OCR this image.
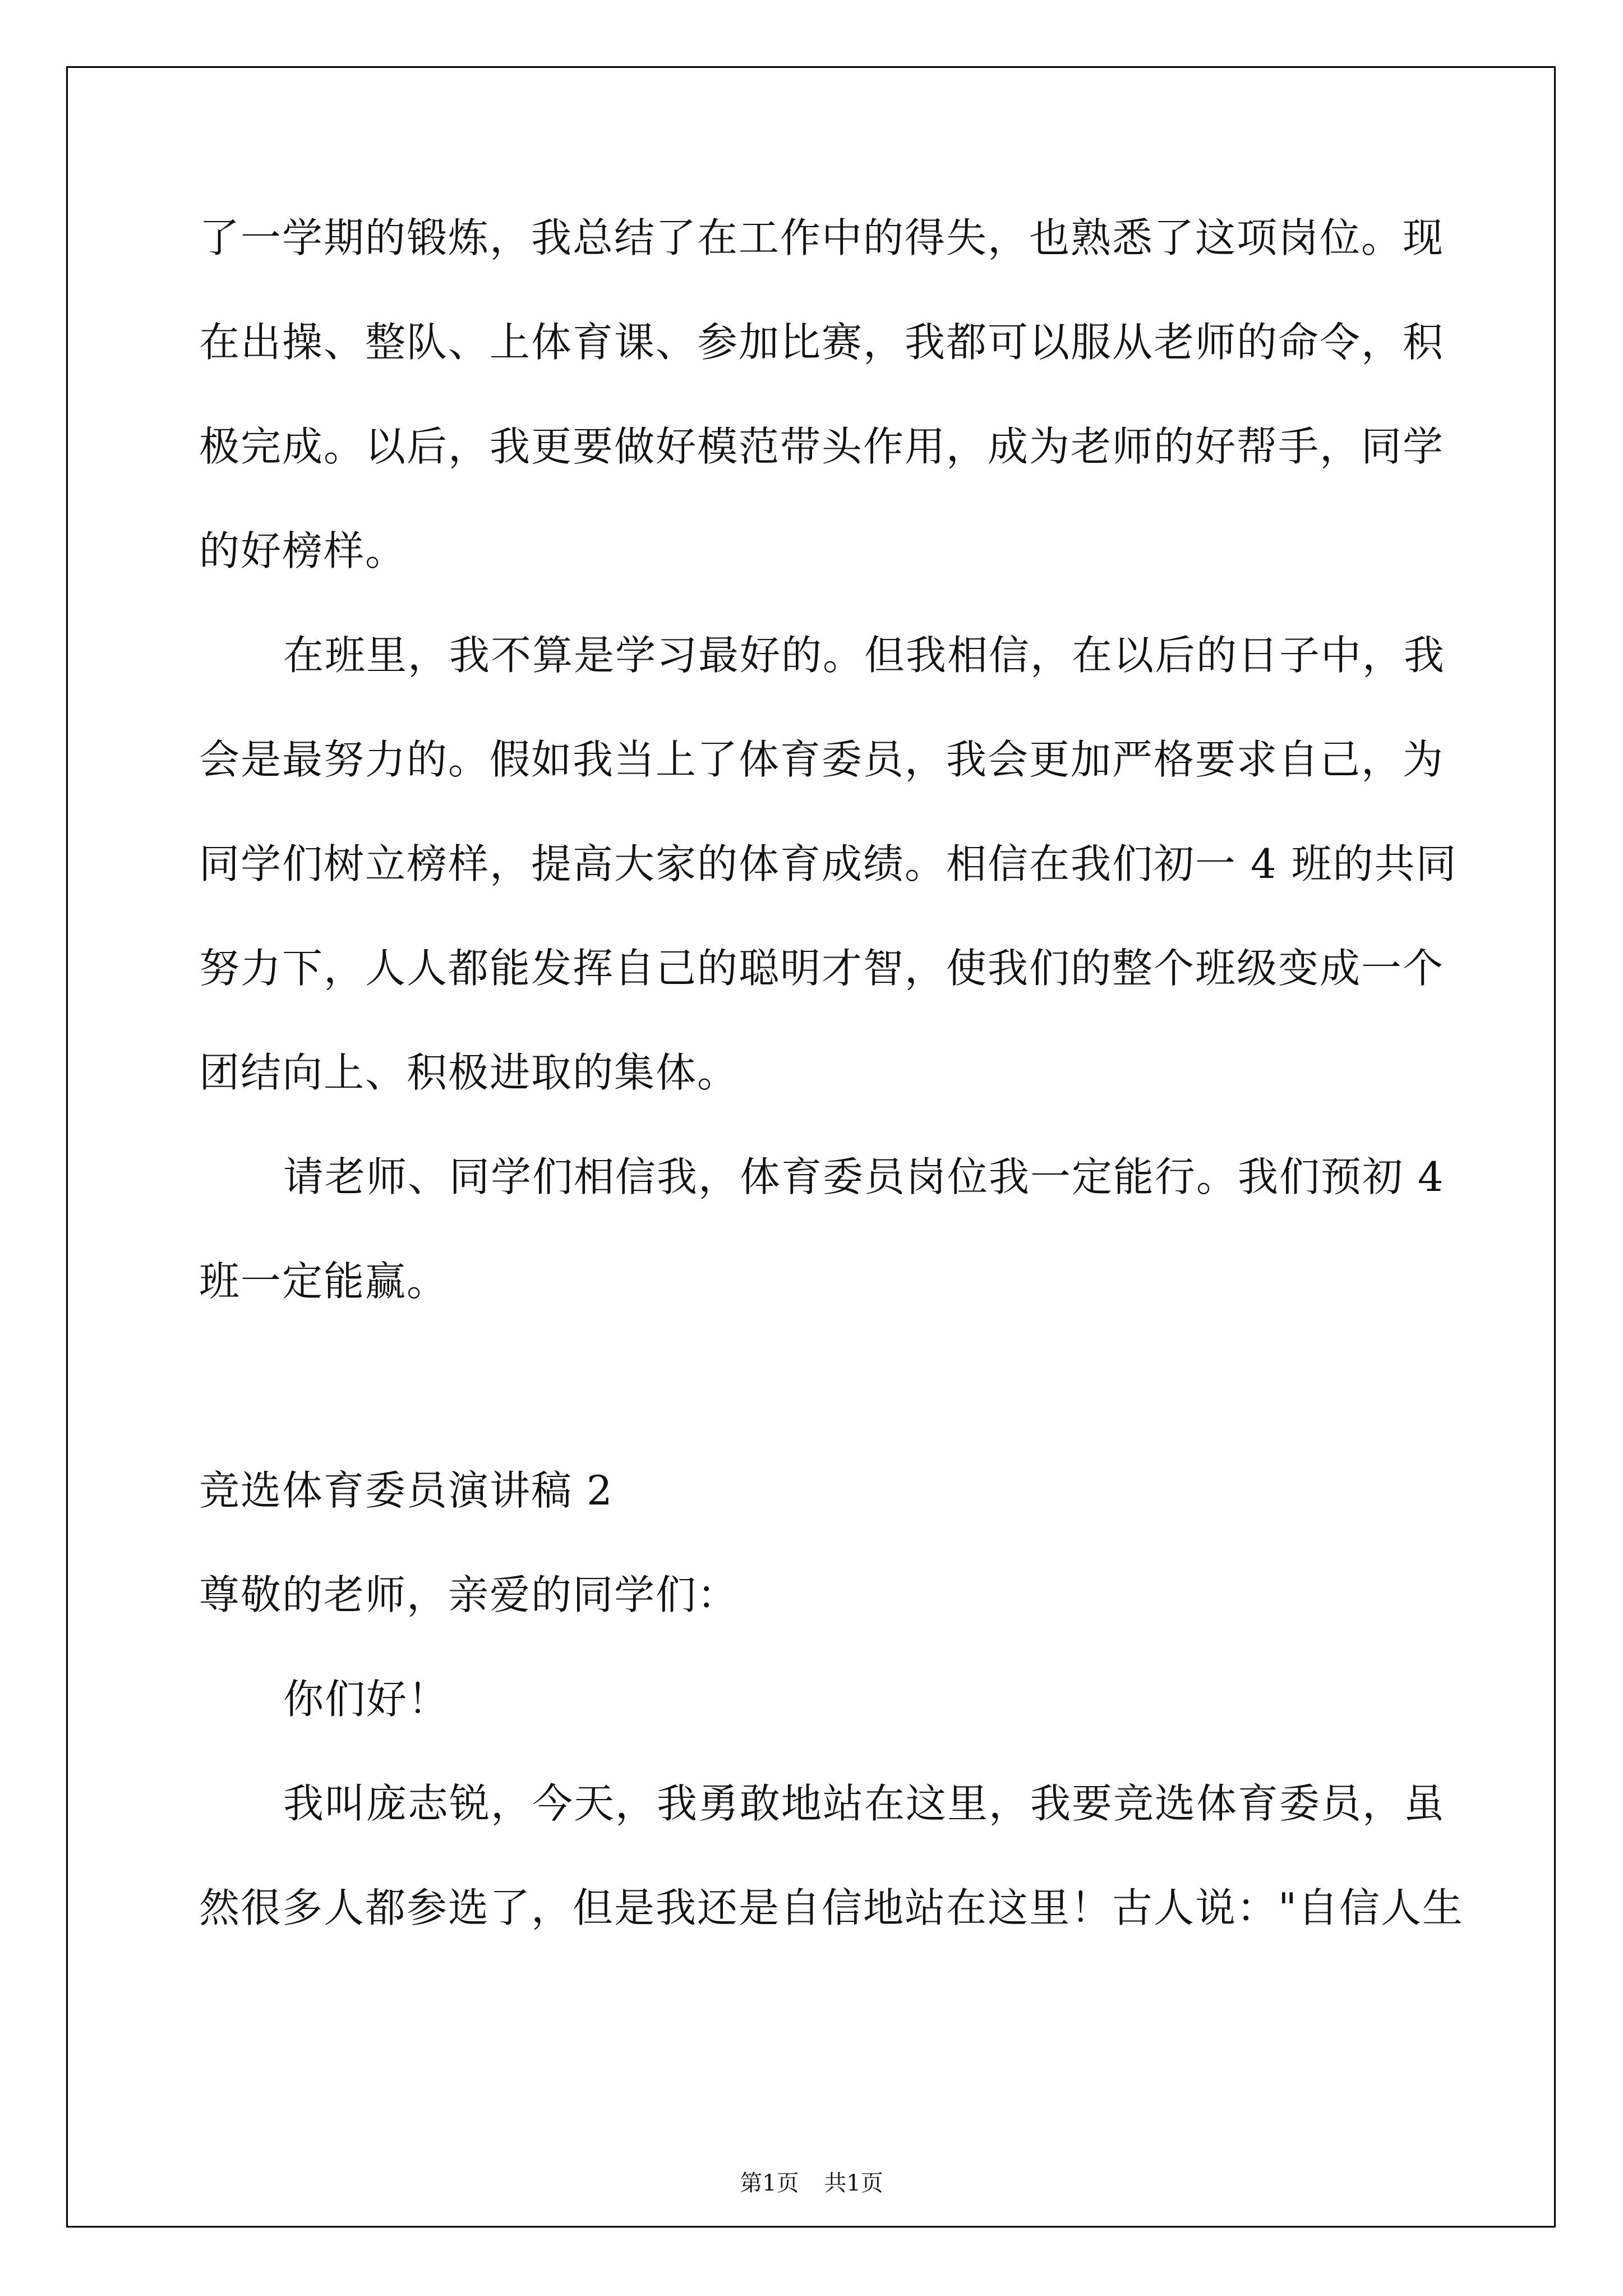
了一学期的锻炼，我总结了在工作中的得失，也熟悉了这项岗位。现
在出操、整队、上体育课、参加比赛，我都可以服从老师的命令，积
极完成。以后，我更要做好模范带头作用，成为老师的好帮手，同学
的好榜样。
在班里，我不算是学习最好的。但我相信，在以后的日子中，我
会是最努力的。假如我当上了体育委员，我会更加严格要求自己，为
同学们树立榜样，提高大家的体育成绩。相信在我们初一 4 班的共同
努力下，人人都能发挥自己的聪明才智，使我们的整个班级变成一个
团结向上、积极进取的集体。
请老师、同学们相信我，体育委员岗位我一定能行。我们预初 4
班一定能赢。
竞选体育委员演讲稿 2
尊敬的老师，亲爱的同学们：
你们好！
我叫庞志锐，今天，我勇敢地站在这里，我要竞选体育委员，虽
然很多人都参选了，但是我还是自信地站在这里！古人说："自信人生
第1页 共1页
